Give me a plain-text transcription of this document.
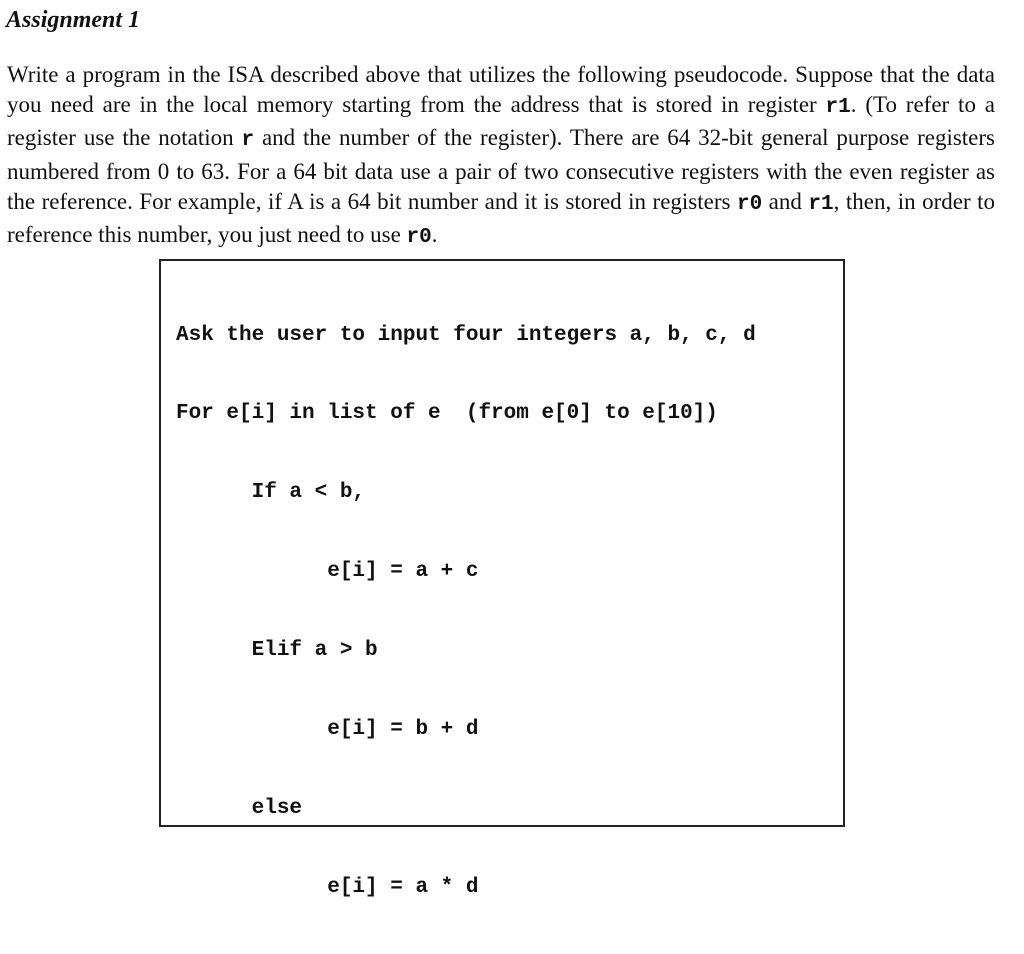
Assignment 1

Write a program in the ISA described above that utilizes the following pseudocode. Suppose that the data you need are in the local memory starting from the address that is stored in register r1. (To refer to a register use the notation r and the number of the register). There are 64 32-bit general purpose registers numbered from 0 to 63. For a 64 bit data use a pair of two consecutive registers with the even register as the reference. For example, if A is a 64 bit number and it is stored in registers r0 and r1, then, in order to reference this number, you just need to use r0.

Ask the user to input four integers a, b, c, d

For e[i] in list of e  (from e[0] to e[10])

If a < b,

e[i] = a + c

Elif a > b

e[i] = b + d

else

e[i] = a * d
